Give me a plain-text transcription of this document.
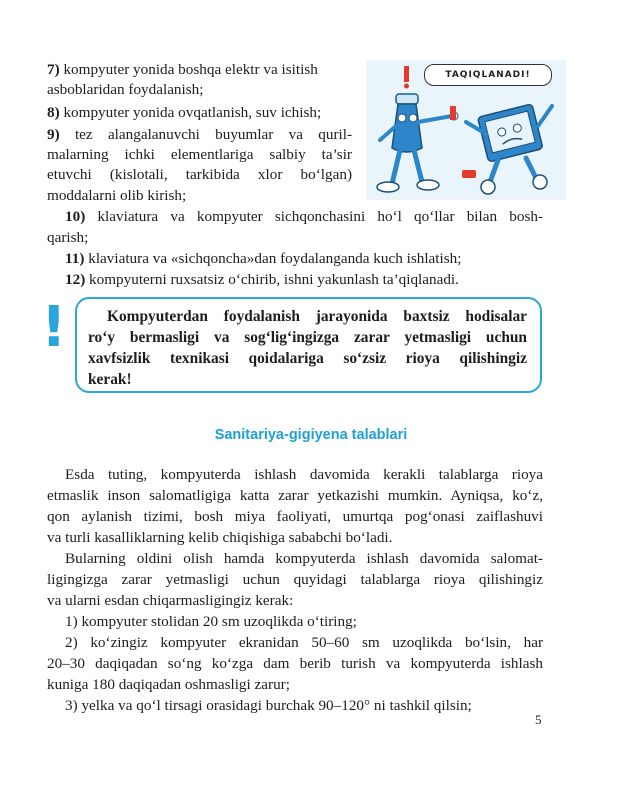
TAQIQLANADI!
7) kompyuter yonida boshqa elektr va isitish
asboblaridan foydalanish;
8) kompyuter yonida ovqatlanish, suv ichish;
9) tez alangalanuvchi buyumlar va quril-
malarning ichki elementlariga salbiy ta’sir
etuvchi (kislotali, tarkibida xlor bo‘lgan)
moddalarni olib kirish;
10) klaviatura va kompyuter sichqonchasini ho‘l qo‘llar bilan bosh-
qarish;
11) klaviatura va «sichqoncha»dan foydalanganda kuch ishlatish;
12) kompyuterni ruxsatsiz o‘chirib, ishni yakunlash ta’qiqlanadi.
!	Kompyuterdan foydalanish jarayonida baxtsiz hodisalar
ro‘y bermasligi va sog‘lig‘ingizga zarar yetmasligi uchun
xavfsizlik texnikasi qoidalariga so‘zsiz rioya qilishingiz
kerak!
Sanitariya-gigiyena talablari
Esda tuting, kompyuterda ishlash davomida kerakli talablarga rioya
etmaslik inson salomatligiga katta zarar yetkazishi mumkin. Ayniqsa, ko‘z,
qon aylanish tizimi, bosh miya faoliyati, umurtqa pog‘onasi zaiflashuvi
va turli kasalliklarning kelib chiqishiga sababchi bo‘ladi.
Bularning oldini olish hamda kompyuterda ishlash davomida salomat-
ligingizga zarar yetmasligi uchun quyidagi talablarga rioya qilishingiz
va ularni esdan chiqarmasligingiz kerak:
1) kompyuter stolidan 20 sm uzoqlikda o‘tiring;
2) ko‘zingiz kompyuter ekranidan 50–60 sm uzoqlikda bo‘lsin, har
20–30 daqiqadan so‘ng ko‘zga dam berib turish va kompyuterda ishlash
kuniga 180 daqiqadan oshmasligi zarur;
3) yelka va qo‘l tirsagi orasidagi burchak 90–120° ni tashkil qilsin;
5
